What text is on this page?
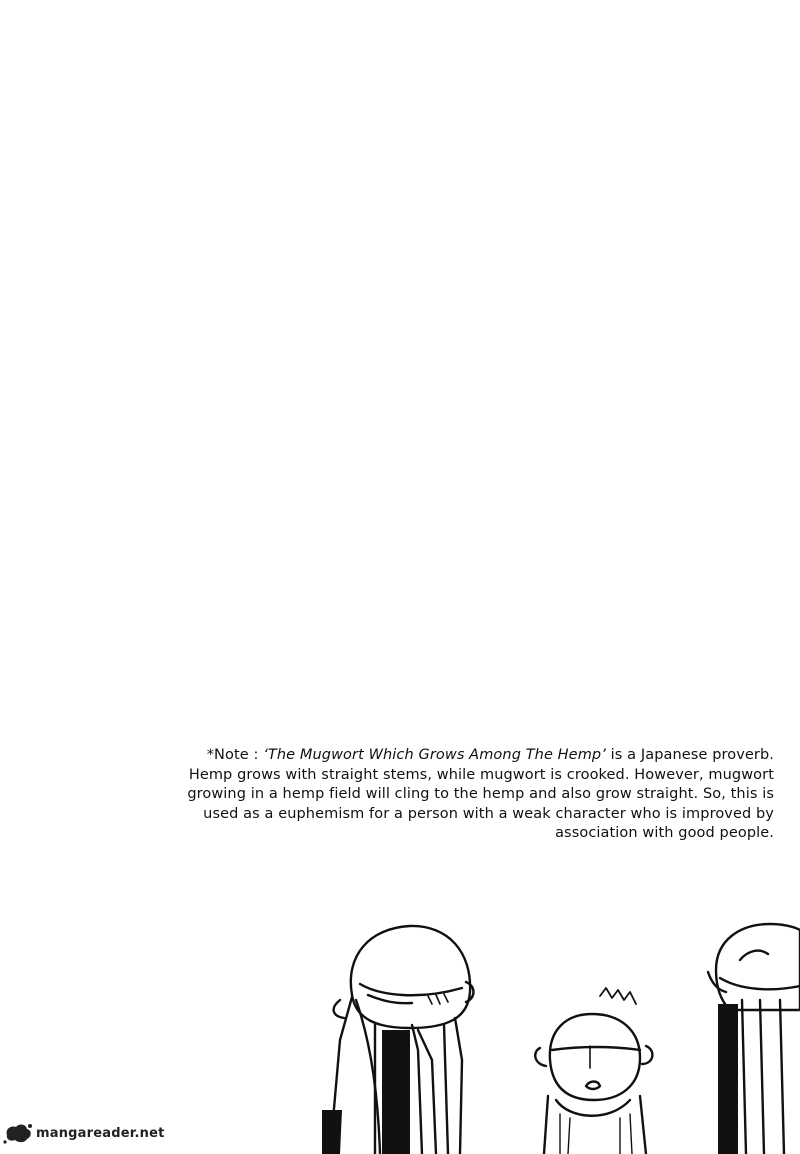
*Note : ‘The Mugwort Which Grows Among The Hemp’ is a Japanese proverb.
Hemp grows with straight stems, while mugwort is crooked. However, mugwort
growing in a hemp field will cling to the hemp and also grow straight. So, this is
used as a euphemism for a person with a weak character who is improved by
association with good people.
mangareader.net
